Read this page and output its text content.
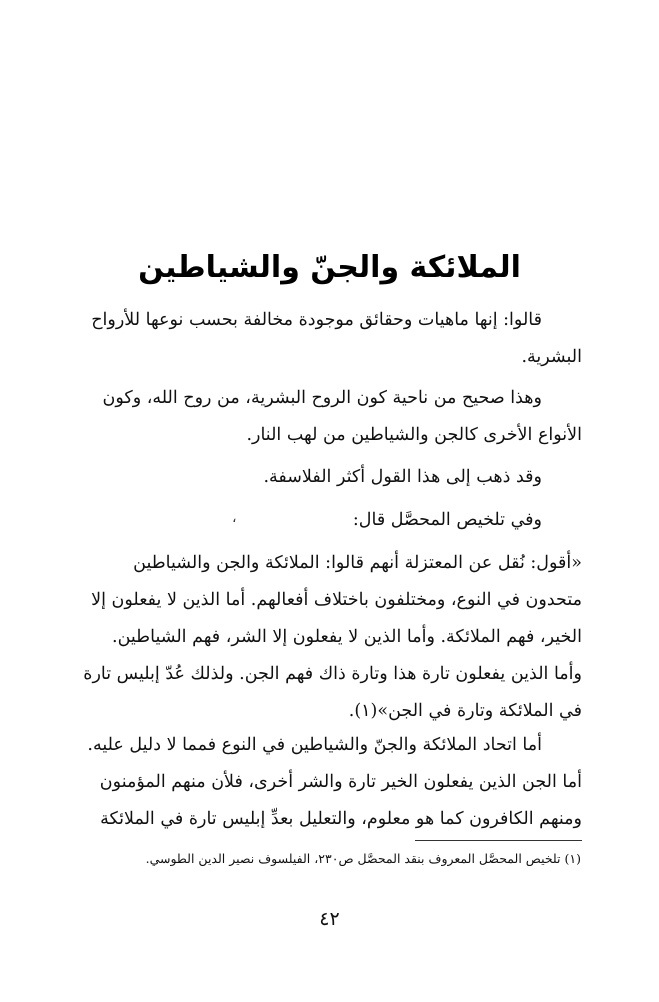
الملائكة والجنّ والشياطين
قالوا: إنها ماهيات وحقائق موجودة مخالفة بحسب نوعها للأرواح
البشرية.
وهذا صحيح من ناحية كون الروح البشرية، من روح الله، وكون
الأنواع الأخرى كالجن والشياطين من لهب النار.
وقد ذهب إلى هذا القول أكثر الفلاسفة.
وفي تلخيص المحصَّل قال:
،
«أقول: نُقل عن المعتزلة أنهم قالوا: الملائكة والجن والشياطين
متحدون في النوع، ومختلفون باختلاف أفعالهم. أما الذين لا يفعلون إلا
الخير، فهم الملائكة. وأما الذين لا يفعلون إلا الشر، فهم الشياطين.
وأما الذين يفعلون تارة هذا وتارة ذاك فهم الجن. ولذلك عُدّ إبليس تارة
في الملائكة وتارة في الجن»(١).
أما اتحاد الملائكة والجنّ والشياطين في النوع فمما لا دليل عليه.
أما الجن الذين يفعلون الخير تارة والشر أخرى، فلأن منهم المؤمنون
ومنهم الكافرون كما هو معلوم، والتعليل بعدِّ إبليس تارة في الملائكة
(١) تلخيص المحصَّل المعروف بنقد المحصَّل ص٢٣٠، الفيلسوف نصير الدين الطوسي.
٤٢
